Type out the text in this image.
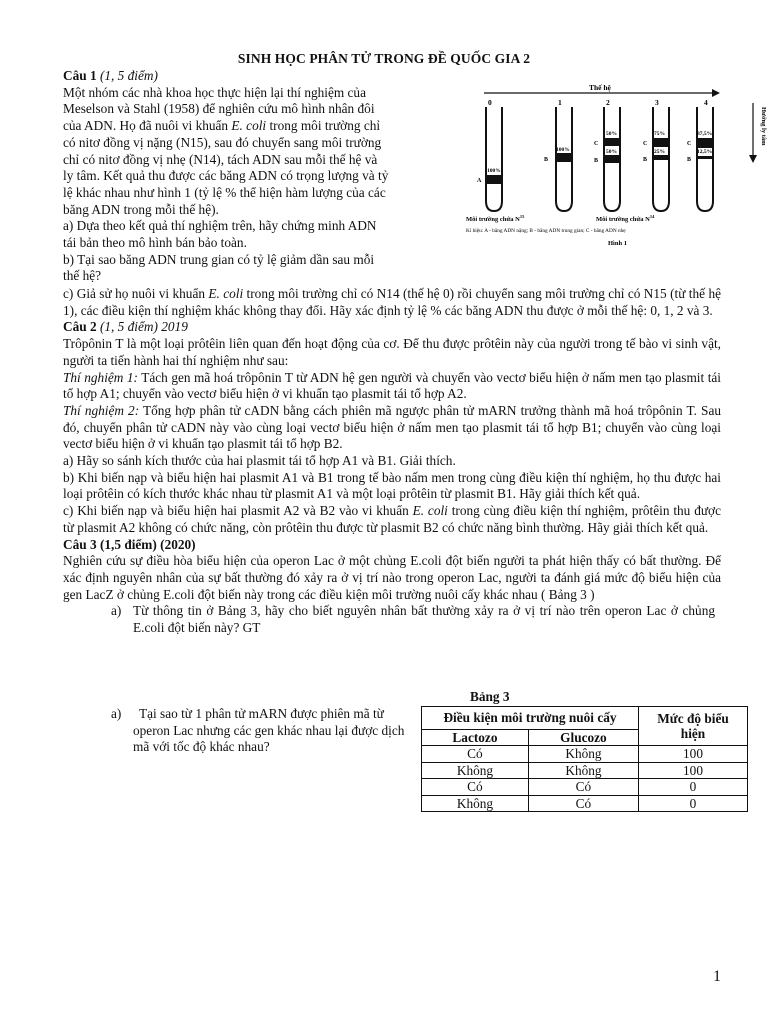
SINH HỌC PHÂN TỬ TRONG ĐỀ QUỐC GIA 2

Câu 1 (1, 5 điểm)

Một nhóm các nhà khoa học thực hiện lại thí nghiệm của

Meselson và Stahl (1958) để nghiên cứu mô hình nhân đôi

của ADN. Họ đã nuôi vi khuẩn E. coli trong môi trường chỉ

có nitơ đồng vị nặng (N15), sau đó chuyển sang môi trường

chỉ có nitơ đồng vị nhẹ (N14), tách ADN sau mỗi thế hệ và

ly tâm. Kết quả thu được các băng ADN có trọng lượng và tỷ

lệ khác nhau như hình 1 (tỷ lệ % thể hiện hàm lượng của các

băng ADN trong mỗi thế hệ).

a) Dựa theo kết quả thí nghiệm trên, hãy chứng minh ADN

tái bản theo mô hình bán bảo toàn.

b) Tại sao băng ADN trung gian có tỷ lệ giảm dần sau mỗi

thế hệ?

Thế hệ
0	1	2	3	4
Hướng ly tâm
100%
A
100%
B
50%
50%
C
B
75%
25%
C
B
87,5%
12,5%
C
B
Môi trường chứa $N^{15}$	Môi trường chứa $N^{14}$
Kí hiệu: A - băng ADN nặng; B - băng ADN trung gian; C - băng ADN nhẹ
Hình 1

c) Giả sử họ nuôi vi khuẩn E. coli trong môi trường chỉ có N14 (thế hệ 0) rồi chuyển sang môi trường chỉ có N15 (từ thế hệ 1), các điều kiện thí nghiệm khác không thay đổi. Hãy xác định tỷ lệ % các băng ADN thu được ở mỗi thế hệ: 0, 1, 2 và 3.

Câu 2 (1, 5 điểm) 2019

Trôpônin T là một loại prôtêin liên quan đến hoạt động của cơ. Để thu được prôtêin này của người trong tế bào vi sinh vật, người ta tiến hành hai thí nghiệm như sau:

Thí nghiệm 1: Tách gen mã hoá trôpônin T từ ADN hệ gen người và chuyển vào vectơ biểu hiện ở nấm men tạo plasmit tái tổ hợp A1; chuyển vào vectơ biểu hiện ở vi khuẩn tạo plasmit tái tổ hợp A2.

Thí nghiệm 2: Tổng hợp phân tử cADN bằng cách phiên mã ngược phân tử mARN trưởng thành mã hoá trôpônin T. Sau đó, chuyển phân tử cADN này vào cùng loại vectơ biểu hiện ở nấm men tạo plasmit tái tổ hợp B1; chuyển vào cùng loại vectơ biểu hiện ở vi khuẩn tạo plasmit tái tổ hợp B2.

a) Hãy so sánh kích thước của hai plasmit tái tổ hợp A1 và B1. Giải thích.

b) Khi biến nạp và biểu hiện hai plasmit A1 và B1 trong tế bào nấm men trong cùng điều kiện thí nghiệm, họ thu được hai loại prôtêin có kích thước khác nhau từ plasmit A1 và một loại prôtêin từ plasmit B1. Hãy giải thích kết quả.

c) Khi biến nạp và biểu hiện hai plasmit A2 và B2 vào vi khuẩn E. coli trong cùng điều kiện thí nghiệm, prôtêin thu được từ plasmit A2 không có chức năng, còn prôtêin thu được từ plasmit B2 có chức năng bình thường. Hãy giải thích kết quả.

Câu 3 (1,5 điểm) (2020)

Nghiên cứu sự điều hòa biểu hiện của operon Lac ở một chủng E.coli đột biến người ta phát hiện thấy có bất thường. Để xác định nguyên nhân của sự bất thường đó xảy ra ở vị trí nào trong operon Lac, người ta đánh giá mức độ biểu hiện của gen LacZ ở chủng E.coli đột biến này trong các điều kiện môi trường nuôi cấy khác nhau ( Bảng 3 )

a) Từ thông tin ở Bảng 3, hãy cho biết nguyên nhân bất thường xảy ra ở vị trí nào trên operon Lac ở chủng E.coli đột biến này? GT
a)	Tại sao từ 1 phân tử mARN được phiên mã từ

operon Lac nhưng các gen khác nhau lại được dịch

mã với tốc độ khác nhau?

Bảng 3
Điều kiện môi trường nuôi cấy		Mức độ biểu hiện
Lactozo	Glucozo	
Có	Không	100
Không	Không	100
Có	Có	0
Không	Có	0
1
